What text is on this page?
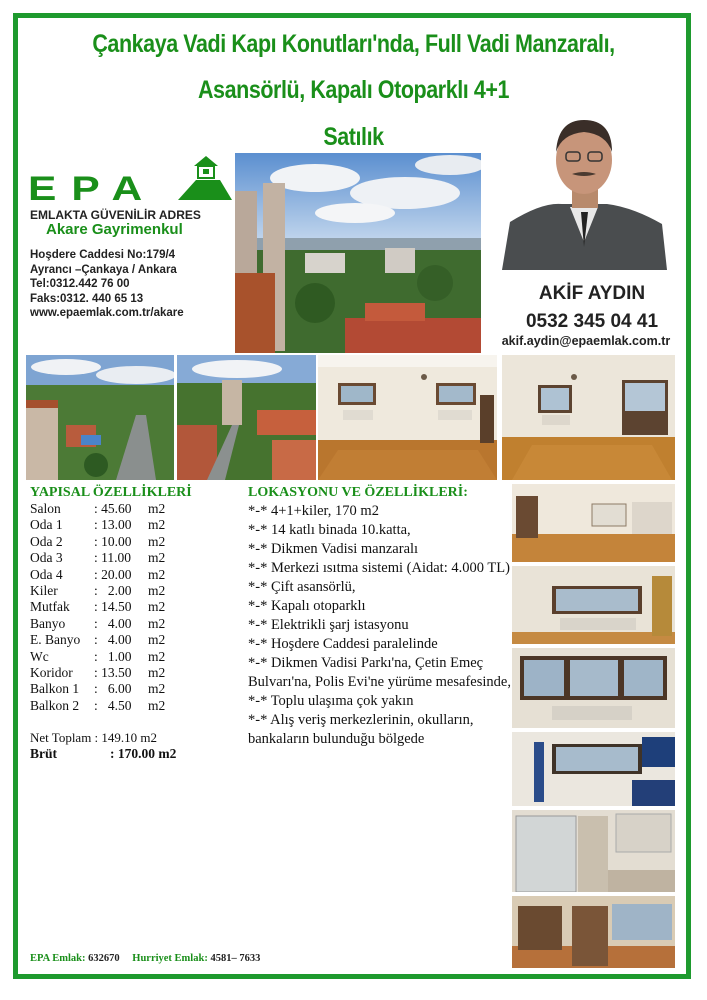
Çankaya Vadi Kapı Konutları'nda, Full Vadi Manzaralı,
Asansörlü, Kapalı Otoparklı 4+1
Satılık
EPA
EMLAKTA GÜVENİLİR ADRES
Akare Gayrimenkul
Hoşdere Caddesi No:179/4
Ayrancı –Çankaya / Ankara
Tel:0312.442 76 00
Faks:0312. 440 65 13
www.epaemlak.com.tr/akare
AKİF AYDIN
0532 345 04 41
akif.aydin@epaemlak.com.tr
YAPISAL ÖZELLİKLERİ
Salon : 45.60 m2
Oda 1 : 13.00 m2
Oda 2 : 10.00 m2
Oda 3 : 11.00 m2
Oda 4 : 20.00 m2
Kiler	:   2.00 m2
Mutfak : 14.50 m2
Banyo :   4.00 m2
E. Banyo :   4.00 m2
Wc	:   1.00 m2
Koridor : 13.50 m2
Balkon 1 :   6.00 m2
Balkon 2 :   4.50 m2
Net Toplam : 149.10 m2
Brüt	: 170.00 m2
LOKASYONU VE ÖZELLİKLERİ:
*-* 4+1+kiler, 170 m2
*-* 14 katlı binada 10.katta,
*-* Dikmen Vadisi manzaralı
*-* Merkezi ısıtma sistemi (Aidat: 4.000 TL)
*-* Çift asansörlü,
*-* Kapalı otoparklı
*-* Elektrikli şarj istasyonu
*-* Hoşdere Caddesi paralelinde
*-* Dikmen Vadisi Parkı'na, Çetin Emeç Bulvarı'na, Polis Evi'ne yürüme mesafesinde,
*-* Toplu ulaşıma çok yakın
*-* Alış veriş merkezlerinin, okulların, bankaların bulunduğu bölgede
EPA Emlak: 632670 Hurriyet Emlak: 4581– 7633
